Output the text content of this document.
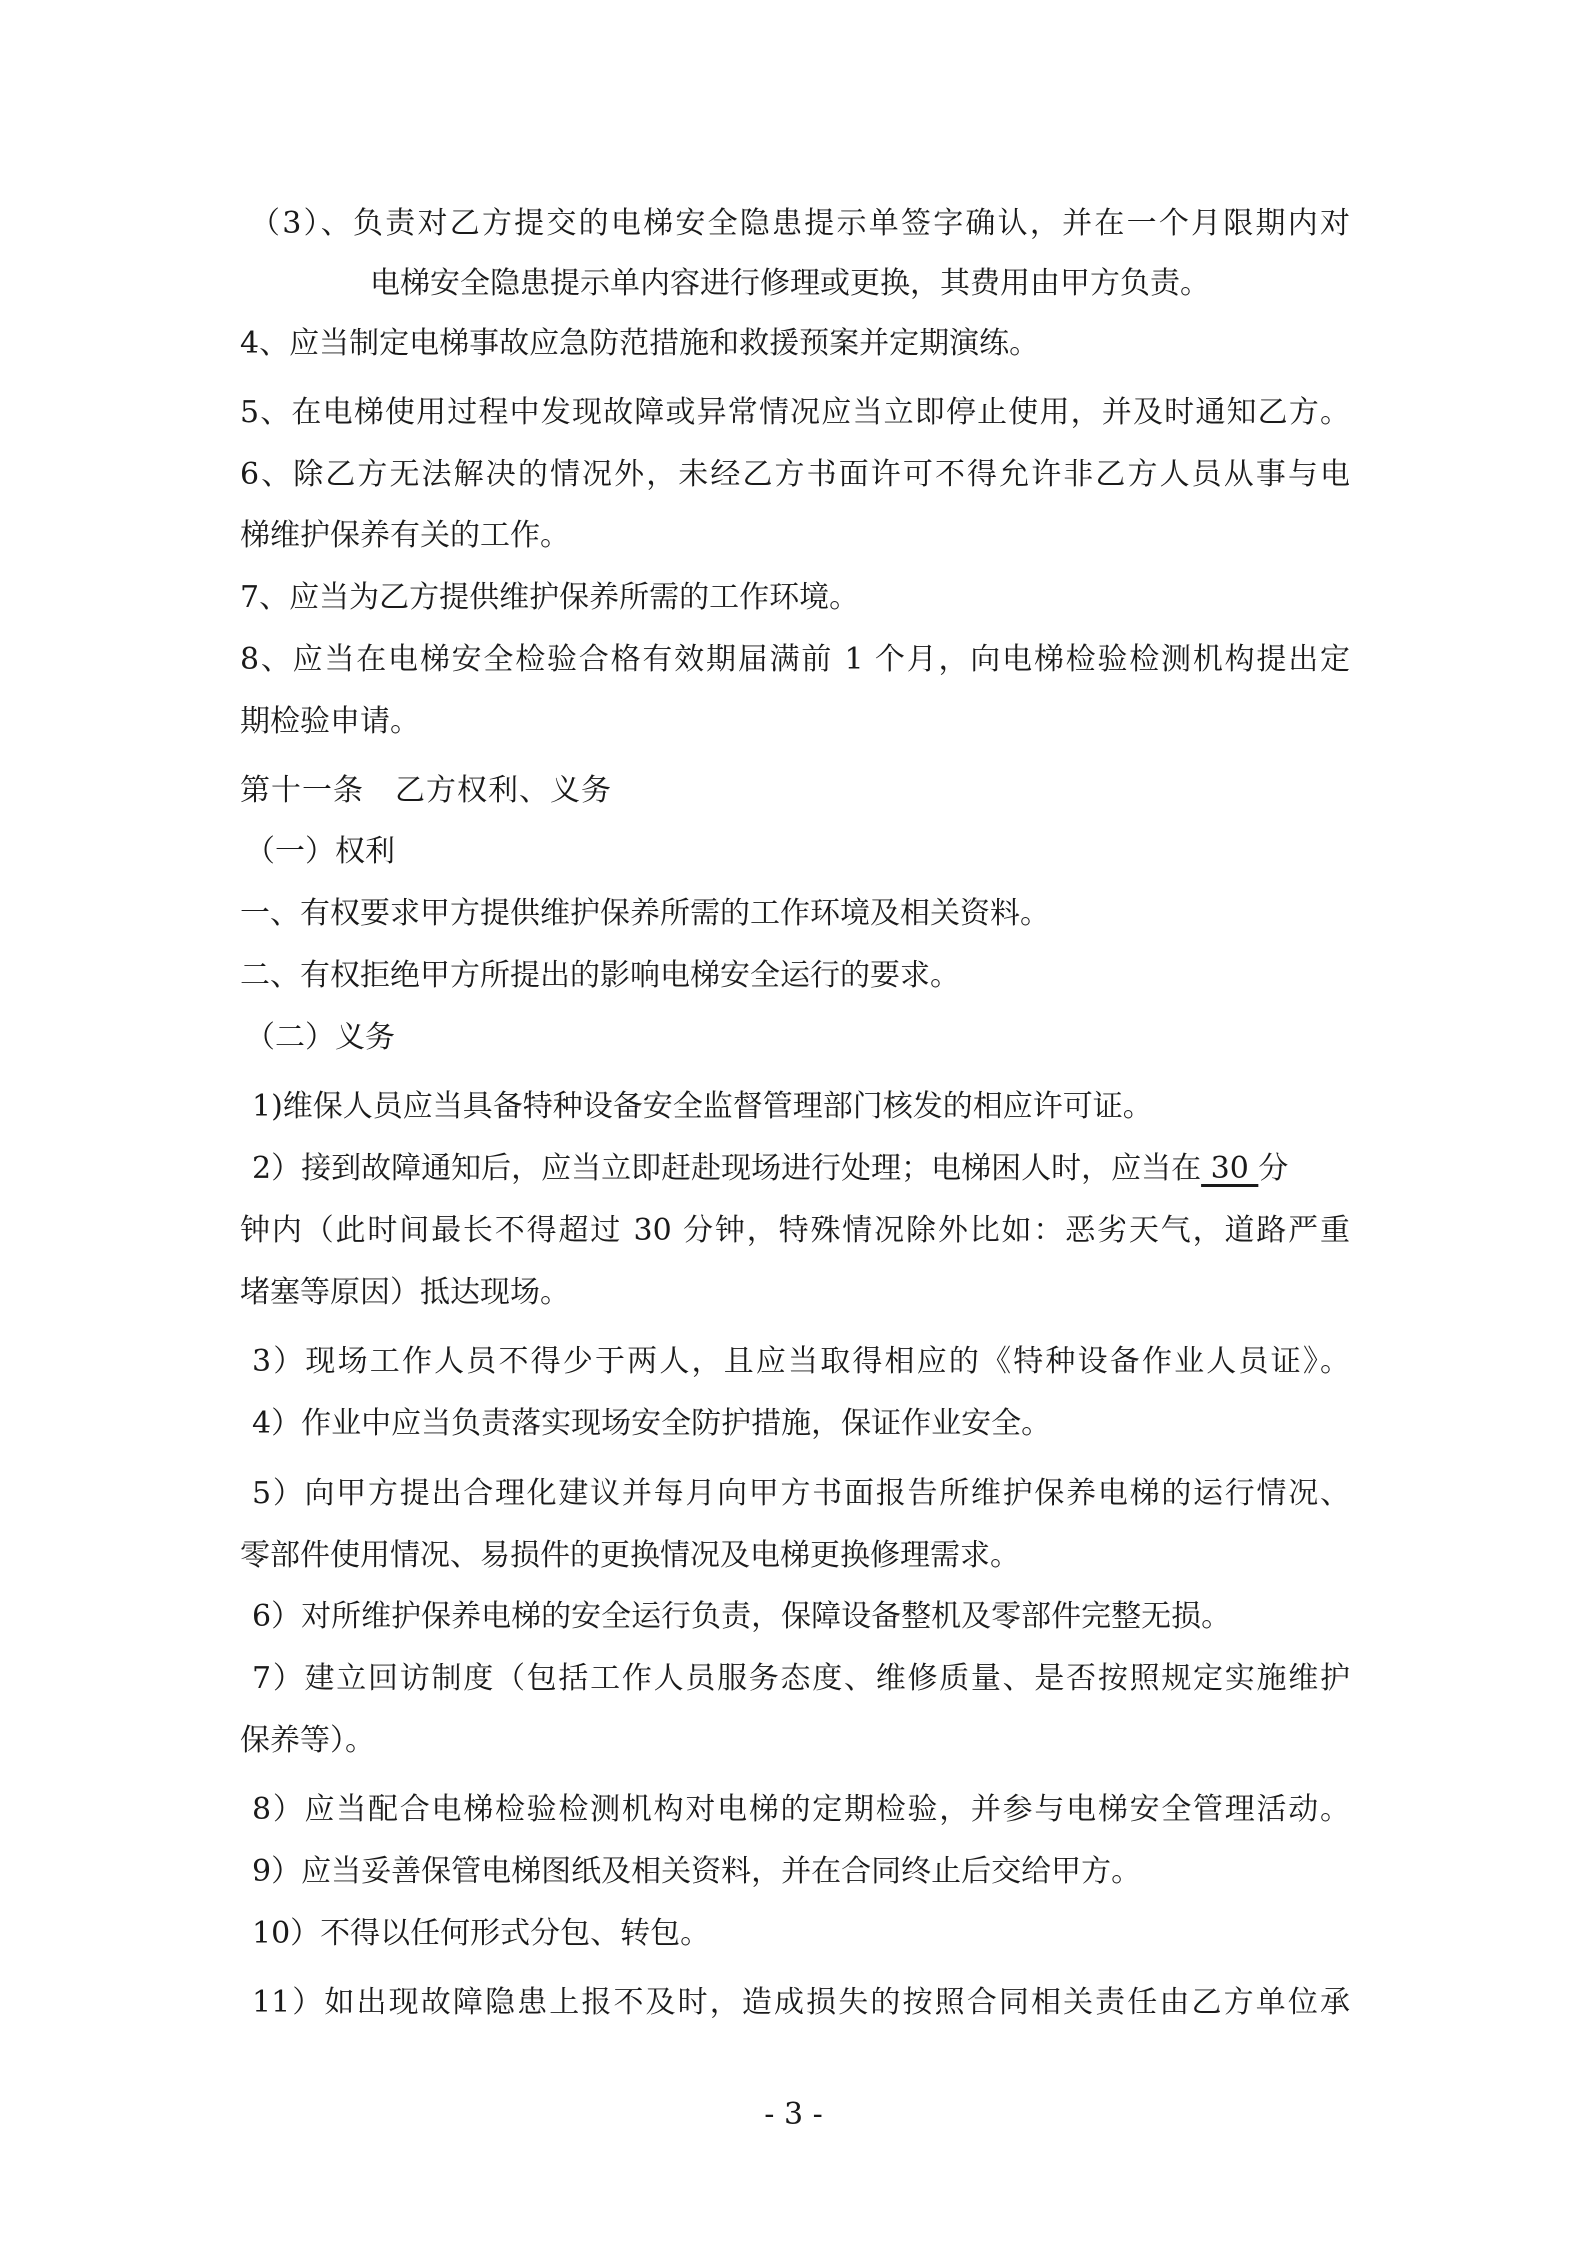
（3）、负责对乙方提交的电梯安全隐患提示单签字确认，并在一个月限期内对
电梯安全隐患提示单内容进行修理或更换，其费用由甲方负责。
4、应当制定电梯事故应急防范措施和救援预案并定期演练。
5、在电梯使用过程中发现故障或异常情况应当立即停止使用，并及时通知乙方。
6、除乙方无法解决的情况外，未经乙方书面许可不得允许非乙方人员从事与电
梯维护保养有关的工作。
7、应当为乙方提供维护保养所需的工作环境。
8、应当在电梯安全检验合格有效期届满前 1 个月，向电梯检验检测机构提出定
期检验申请。
第十一条　乙方权利、义务
（一）权利
一、有权要求甲方提供维护保养所需的工作环境及相关资料。
二、有权拒绝甲方所提出的影响电梯安全运行的要求。
（二）义务
1)维保人员应当具备特种设备安全监督管理部门核发的相应许可证。
2）接到故障通知后，应当立即赶赴现场进行处理；电梯困人时，应当在 30 分
钟内（此时间最长不得超过 30 分钟，特殊情况除外比如：恶劣天气，道路严重
堵塞等原因）抵达现场。
3）现场工作人员不得少于两人，且应当取得相应的《特种设备作业人员证》。
4）作业中应当负责落实现场安全防护措施，保证作业安全。
5）向甲方提出合理化建议并每月向甲方书面报告所维护保养电梯的运行情况、
零部件使用情况、易损件的更换情况及电梯更换修理需求。
6）对所维护保养电梯的安全运行负责，保障设备整机及零部件完整无损。
7）建立回访制度（包括工作人员服务态度、维修质量、是否按照规定实施维护
保养等）。
8）应当配合电梯检验检测机构对电梯的定期检验，并参与电梯安全管理活动。
9）应当妥善保管电梯图纸及相关资料，并在合同终止后交给甲方。
10）不得以任何形式分包、转包。
11）如出现故障隐患上报不及时，造成损失的按照合同相关责任由乙方单位承
- 3 -
